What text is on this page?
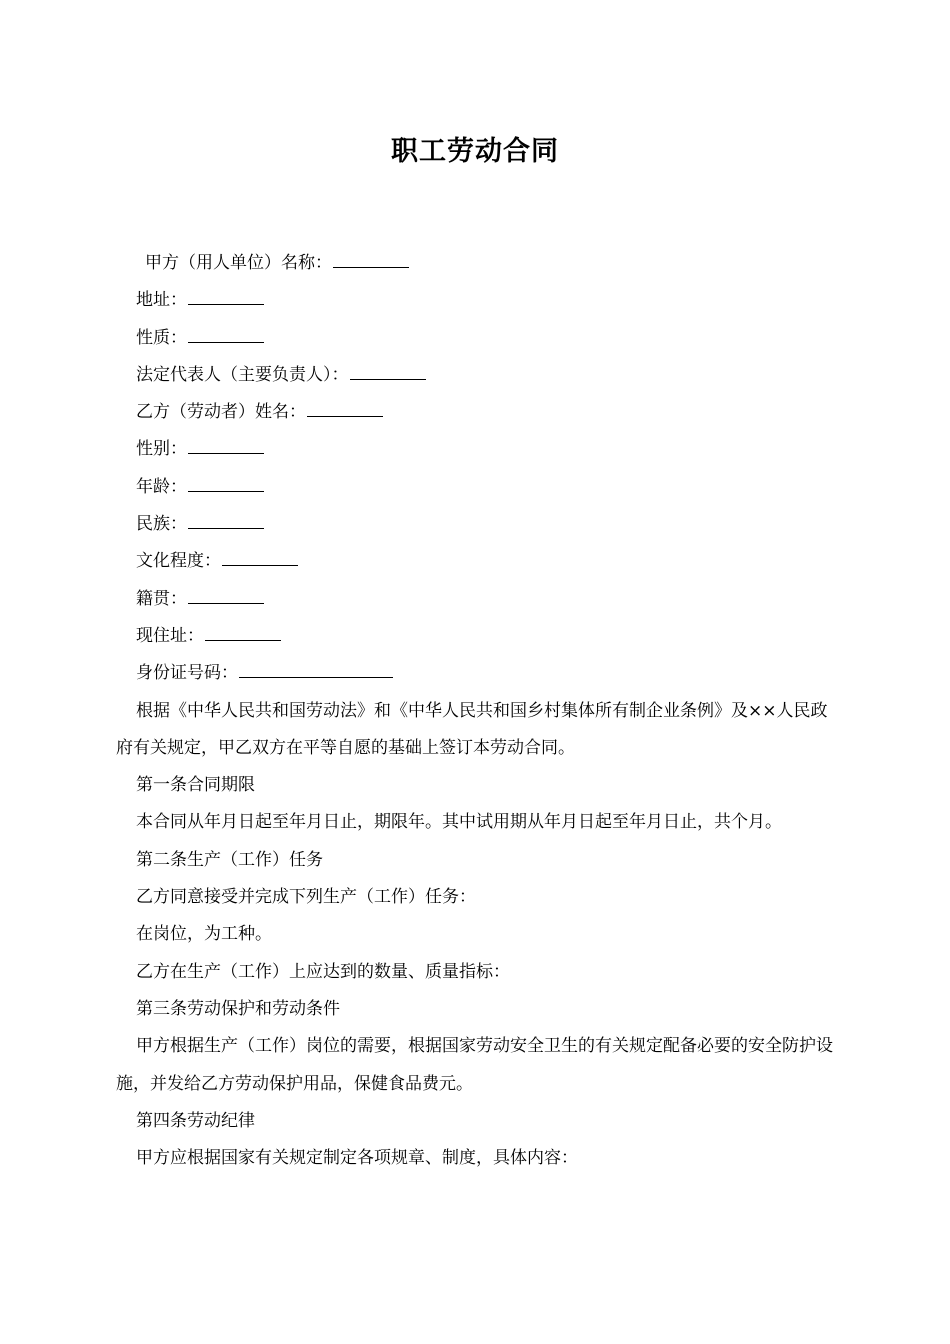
职工劳动合同

甲方（用人单位）名称：

地址：

性质：

法定代表人（主要负责人）：

乙方（劳动者）姓名：

性别：

年龄：

民族：

文化程度：

籍贯：

现住址：

身份证号码：

根据《中华人民共和国劳动法》和《中华人民共和国乡村集体所有制企业条例》及××人民政府有关规定，甲乙双方在平等自愿的基础上签订本劳动合同。

第一条合同期限

本合同从年月日起至年月日止，期限年。其中试用期从年月日起至年月日止，共个月。

第二条生产（工作）任务

乙方同意接受并完成下列生产（工作）任务：

在岗位，为工种。

乙方在生产（工作）上应达到的数量、质量指标：

第三条劳动保护和劳动条件

甲方根据生产（工作）岗位的需要，根据国家劳动安全卫生的有关规定配备必要的安全防护设施，并发给乙方劳动保护用品，保健食品费元。

第四条劳动纪律

甲方应根据国家有关规定制定各项规章、制度，具体内容：
